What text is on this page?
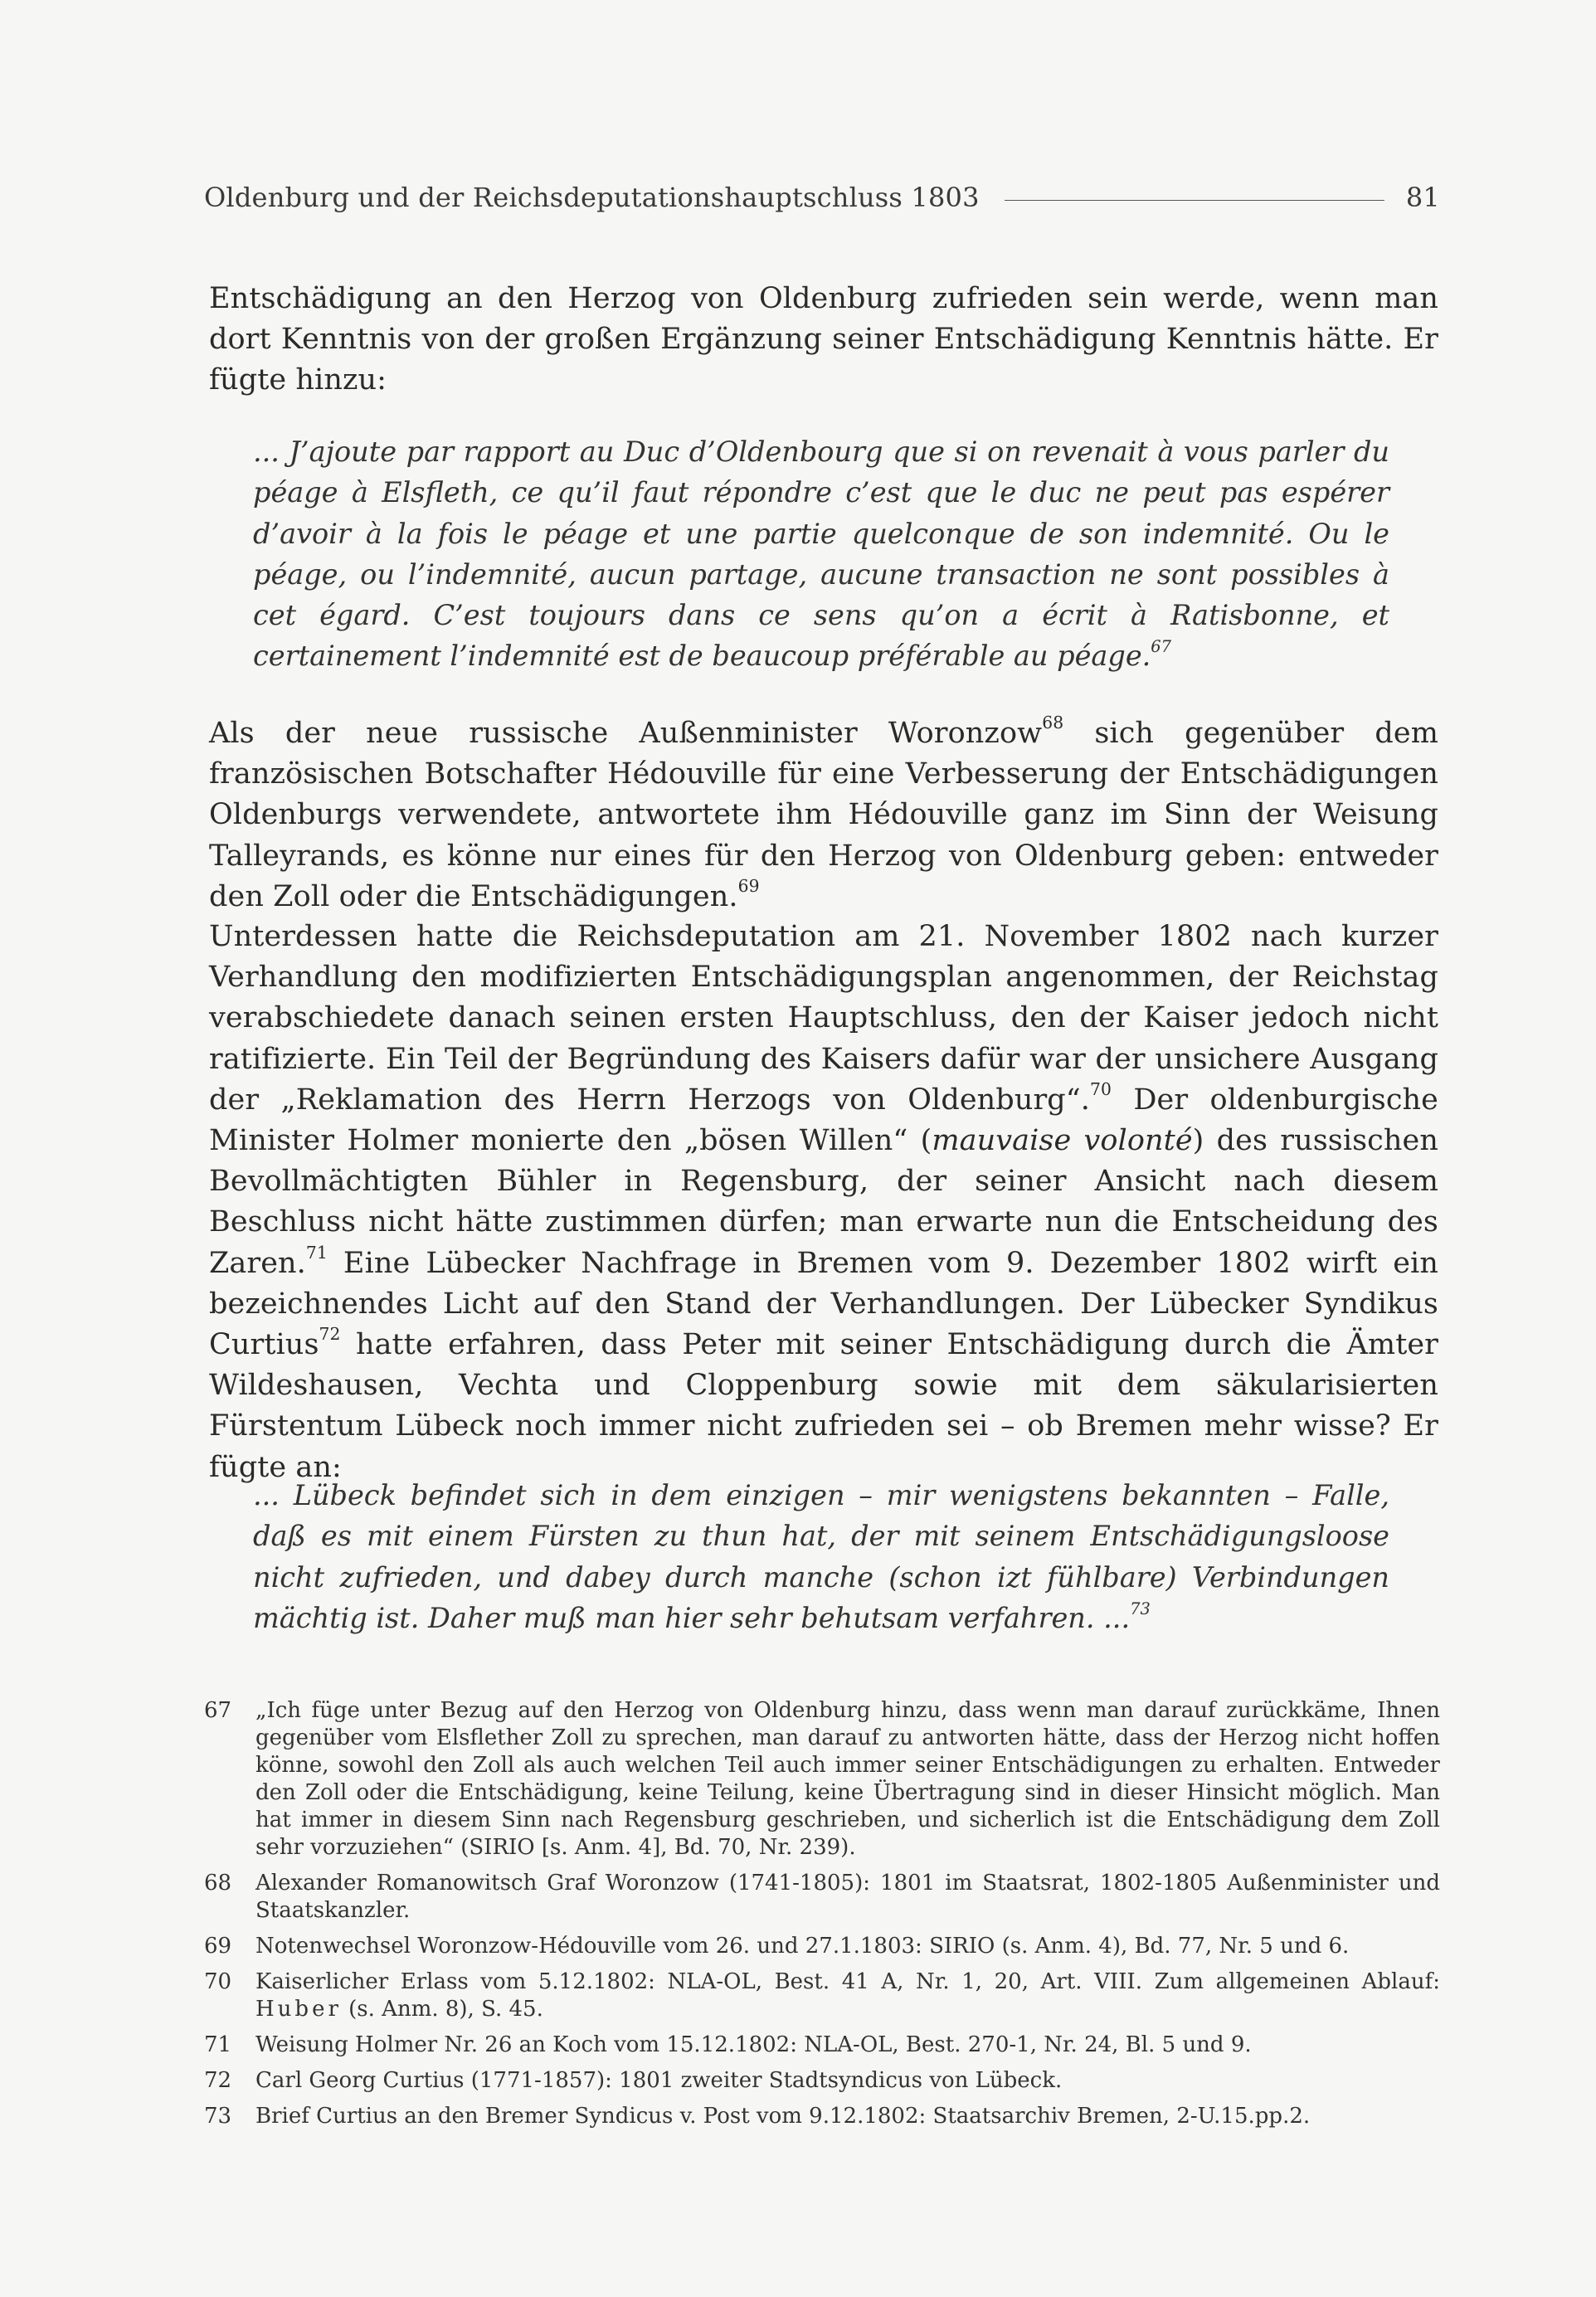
Oldenburg und der Reichsdeputationshauptschluss 1803	81
Entschädigung an den Herzog von Oldenburg zufrieden sein werde, wenn man dort Kenntnis von der großen Ergänzung seiner Entschädigung Kenntnis hätte. Er fügte hinzu:
... J’ajoute par rapport au Duc d’Oldenbourg que si on revenait à vous parler du péage à Elsfleth, ce qu’il faut répondre c’est que le duc ne peut pas espérer d’avoir à la fois le péage et une partie quelconque de son indemnité. Ou le péage, ou l’indemnité, aucun partage, aucune transaction ne sont possibles à cet égard. C’est toujours dans ce sens qu’on a écrit à Ratisbonne, et certainement l’indemnité est de beaucoup préférable au péage.$^{67}$
Als der neue russische Außenminister Woronzow$^{68}$ sich gegenüber dem französischen Botschafter Hédouville für eine Verbesserung der Entschädigungen Oldenburgs verwendete, antwortete ihm Hédouville ganz im Sinn der Weisung Talleyrands, es könne nur eines für den Herzog von Oldenburg geben: entweder den Zoll oder die Entschädigungen.$^{69}$
Unterdessen hatte die Reichsdeputation am 21. November 1802 nach kurzer Verhandlung den modifizierten Entschädigungsplan angenommen, der Reichstag verabschiedete danach seinen ersten Hauptschluss, den der Kaiser jedoch nicht ratifizierte. Ein Teil der Begründung des Kaisers dafür war der unsichere Ausgang der „Reklamation des Herrn Herzogs von Oldenburg“.$^{70}$ Der oldenburgische Minister Holmer monierte den „bösen Willen“ (mauvaise volonté) des russischen Bevollmächtigten Bühler in Regensburg, der seiner Ansicht nach diesem Beschluss nicht hätte zustimmen dürfen; man erwarte nun die Entscheidung des Zaren.$^{71}$ Eine Lübecker Nachfrage in Bremen vom 9. Dezember 1802 wirft ein bezeichnendes Licht auf den Stand der Verhandlungen. Der Lübecker Syndikus Curtius$^{72}$ hatte erfahren, dass Peter mit seiner Entschädigung durch die Ämter Wildeshausen, Vechta und Cloppenburg sowie mit dem säkularisierten Fürstentum Lübeck noch immer nicht zufrieden sei – ob Bremen mehr wisse? Er fügte an:
... Lübeck befindet sich in dem einzigen – mir wenigstens bekannten – Falle, daß es mit einem Fürsten zu thun hat, der mit seinem Entschädigungsloose nicht zufrieden, und dabey durch manche (schon izt fühlbare) Verbindungen mächtig ist. Daher muß man hier sehr behutsam verfahren. ...$^{73}$
67	„Ich füge unter Bezug auf den Herzog von Oldenburg hinzu, dass wenn man darauf zurückkäme, Ihnen gegenüber vom Elsflether Zoll zu sprechen, man darauf zu antworten hätte, dass der Herzog nicht hoffen könne, sowohl den Zoll als auch welchen Teil auch immer seiner Entschädigungen zu erhalten. Entweder den Zoll oder die Entschädigung, keine Teilung, keine Übertragung sind in dieser Hinsicht möglich. Man hat immer in diesem Sinn nach Regensburg geschrieben, und sicherlich ist die Entschädigung dem Zoll sehr vorzuziehen“ (SIRIO [s. Anm. 4], Bd. 70, Nr. 239).
68	Alexander Romanowitsch Graf Woronzow (1741-1805): 1801 im Staatsrat, 1802-1805 Außenminister und Staatskanzler.
69	Notenwechsel Woronzow-Hédouville vom 26. und 27.1.1803: SIRIO (s. Anm. 4), Bd. 77, Nr. 5 und 6.
70	Kaiserlicher Erlass vom 5.12.1802: NLA-OL, Best. 41 A, Nr. 1, 20, Art. VIII. Zum allgemeinen Ablauf: Huber (s. Anm. 8), S. 45.
71	Weisung Holmer Nr. 26 an Koch vom 15.12.1802: NLA-OL, Best. 270-1, Nr. 24, Bl. 5 und 9.
72	Carl Georg Curtius (1771-1857): 1801 zweiter Stadtsyndicus von Lübeck.
73	Brief Curtius an den Bremer Syndicus v. Post vom 9.12.1802: Staatsarchiv Bremen, 2-U.15.pp.2.
